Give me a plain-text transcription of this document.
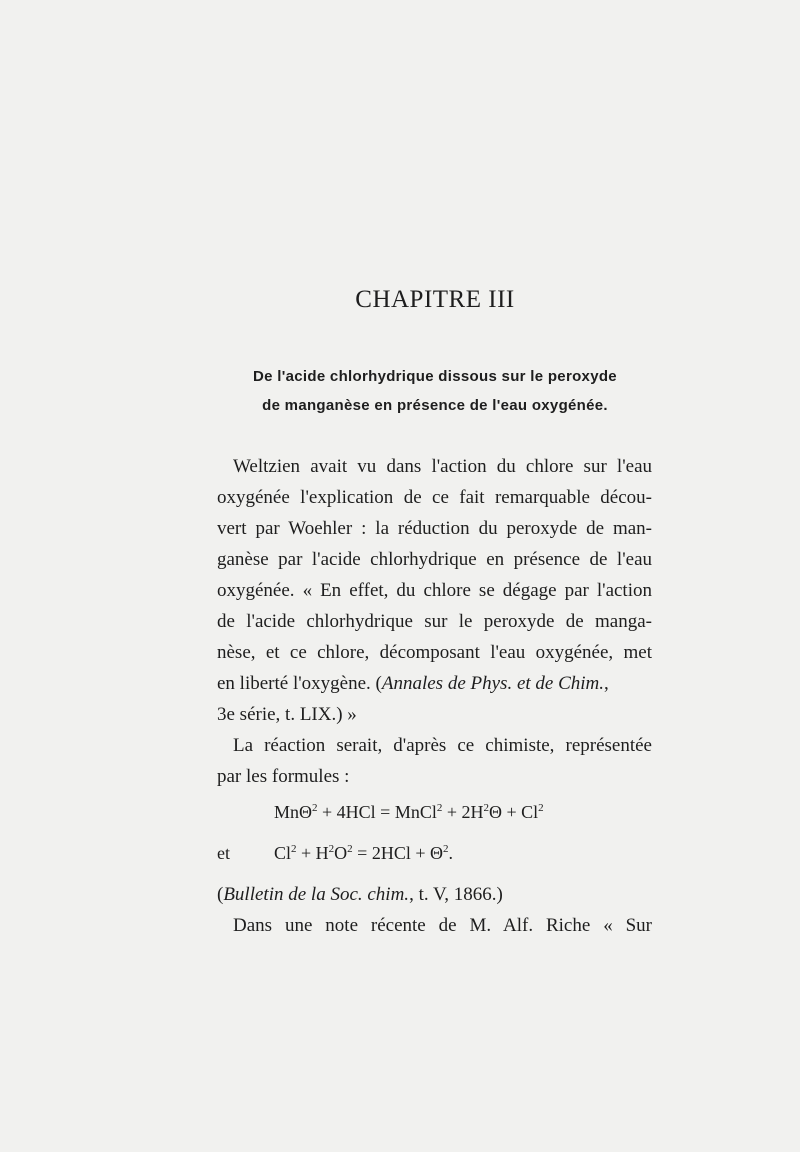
CHAPITRE III
De l'acide chlorhydrique dissous sur le peroxyde
de manganèse en présence de l'eau oxygénée.
Weltzien avait vu dans l'action du chlore sur l'eau
oxygénée l'explication de ce fait remarquable décou-
vert par Woehler : la réduction du peroxyde de man-
ganèse par l'acide chlorhydrique en présence de l'eau
oxygénée. « En effet, du chlore se dégage par l'action
de l'acide chlorhydrique sur le peroxyde de manga-
nèse, et ce chlore, décomposant l'eau oxygénée, met
en liberté l'oxygène. (Annales de Phys. et de Chim.,
3e série, t. LIX.) »
La réaction serait, d'après ce chimiste, représentée
par les formules :
MnΘ$^2$ + 4HCl = MnCl$^2$ + $2H^2\Theta + Cl^2$
et $Cl^2 + H^2O^2 = 2HCl + \Theta^2$.
(Bulletin de la Soc. chim., t. V, 1866.)
Dans une note récente de M. Alf. Riche « Sur
